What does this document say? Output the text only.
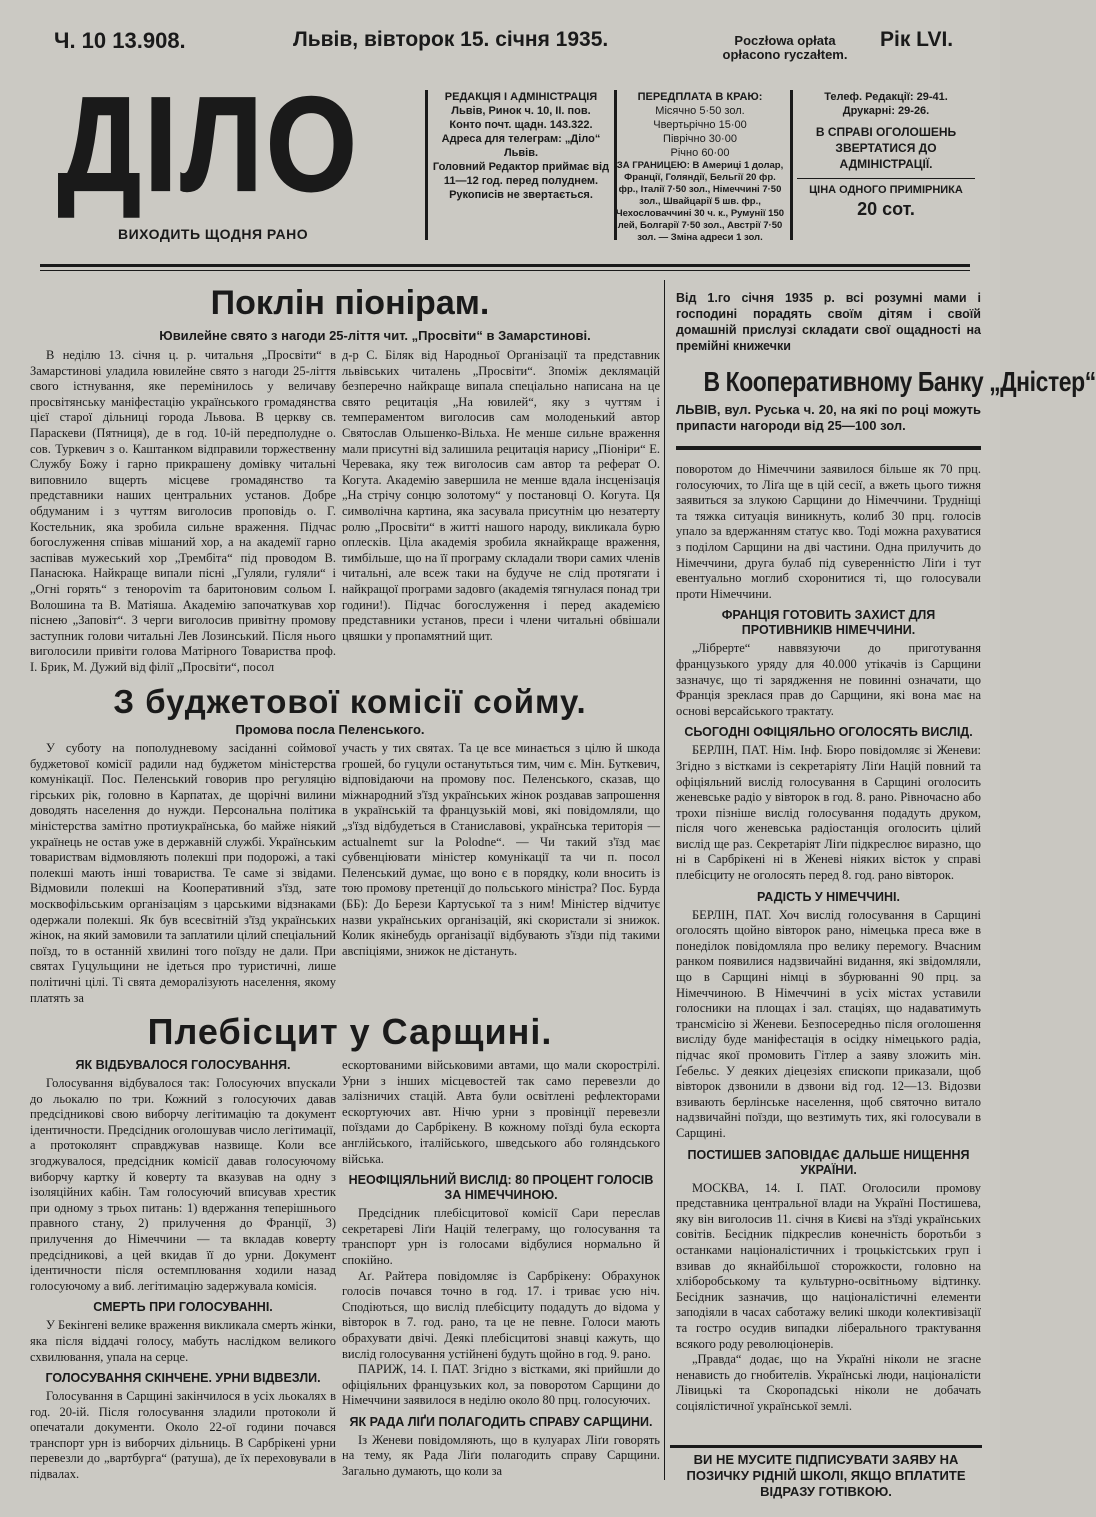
Ч. 10 13.908.	Львів, вівторок 15. січня 1935.	Poczłowa opłata opłacono ryczałtem.
Рік LVI.
ДІЛО
ВИХОДИТЬ ЩОДНЯ РАНО
РЕДАКЦІЯ І АДМІНІСТРАЦІЯ
Львів, Ринок ч. 10, II. пов.
Конто почт. щадн. 143.322.
Адреса для телеграм: „Діло“ Львів.
Головний Редактор приймає від 11—12 год. перед полуднем.
Рукописів не звертається.
ПЕРЕДПЛАТА В КРАЮ:
Місячно 5·50 зол.
Чвертьрічно 15·00
Піврічно 30·00
Річно 60·00
ЗА ГРАНИЦЕЮ: В Америці 1 долар, Франції, Голяндії, Бельгії 20 фр. фр., Італії 7·50 зол., Німеччині 7·50 зол., Швайцарії 5 шв. фр., Чехословаччині 30 ч. к., Румунії 150 лей, Болгарії 7·50 зол., Австрії 7·50 зол. — Зміна адреси 1 зол.
Телеф. Редакції: 29-41.
Друкарні: 29-26.
В СПРАВІ ОГОЛОШЕНЬ ЗВЕРТАТИСЯ ДО АДМІНІСТРАЦІЇ.
ЦІНА ОДНОГО ПРИМІРНИКА
20 сот.
Поклін піонірам.
Ювилейне свято з нагоди 25-ліття чит. „Просвіти“ в Замарстинові.

В неділю 13. січня ц. р. читальня „Просвіти“ в Замарстинові уладила ювилейне свято з нагоди 25-ліття свого істнування, яке перемінилось у величаву просвітянську маніфестацію українського громадянства цієї старої дільниці города Львова. В церкву св. Параскеви (Пятниця), де в год. 10-ій передполудне о. сов. Туркевич з о. Каштанком відправили торжественну Службу Божу і гарно прикрашену домівку читальні виповнило вщерть місцеве громадянство та представники наших центральних установ. Добре обдуманим і з чуттям виголосив проповідь о. Г. Костельник, яка зробила сильне враження. Підчас богослуження співав мішаний хор, а на академії гарно заспівав мужеський хор „Трембіта“ під проводом В. Панасюка. Найкраще випали пісні „Гуляли, гуляли“ і „Огні горять“ з тенорovim та баритоновим сольом І. Волошина та В. Матіяша. Академію започаткував хор піснею „Заповіт“. З черги виголосив привітну промову заступник голови читальні Лев Лозинський. Після нього виголосили привіти голова Матірного Товариства проф. І. Брик, М. Дужий від філії „Просвіти“, посол

д-р С. Біляк від Народньої Організації та представник львівських читалень „Просвіти“. Зпоміж деклямацій безперечно найкраще випала спеціально написана на це свято рецитація „На ювилей“, яку з чуттям і темпераментом виголосив сам молоденький автор Святослав Ольшенко-Вільха. Не менше сильне враження мали присутні від залишила рецитація нарису „Піоніри“ Е. Черевака, яку теж виголосив сам автор та реферат О. Когута. Академію завершила не менше вдала інсценізація „На стрічу сонцю золотому“ у постановці О. Когута. Ця символічна картина, яка засувала присутнім цю незатерту ролю „Просвіти“ в житті нашого народу, викликала бурю оплесків. Ціла академія зробила якнайкраще враження, тимбільше, що на її програму складали твори самих членів читальні, але всеж таки на будуче не слід протягати і найкращої програми задовго (академія тягнулася понад три години!). Підчас богослуження і перед академією представники установ, преси і члени читальні обвішали цвяшки у пропамятний щит.

З буджетової комісії сойму.
Промова посла Пеленського.

У суботу на пополудневому засіданні соймової буджетової комісії радили над буджетом міністерства комунікації. Пос. Пеленський говорив про регуляцію гірських рік, головно в Карпатах, де щорічні вилини доводять населення до нужди. Персональна політика міністерства замітно протиукраїнська, бо майже ніякий українець не остав уже в державній службі. Українським товариствам відмовляють полекші при подорожі, а такі полекші мають інші товариства. Те саме зі звідами. Відмовили полекші на Кооперативний з'їзд, зате москвофільським організаціям з царськими відзнаками одержали полекші. Як був всесвітній з'їзд українських жінок, на який замовили та заплатили цілий спеціальний поїзд, то в останній хвилині того поїзду не дали. При святах Гуцульщини не ідеться про туристичні, лише політичні цілі. Ті свята деморалізують населення, якому платять за

участь у тих святах. Та це все минається з цілю й шкода грошей, бо гуцули останутьться тим, чим є. Мін. Буткевич, відповідаючи на промову пос. Пеленського, сказав, що міжнародний з'їзд українських жінок роздавав запрошення в українській та французькій мові, які повідомляли, що „з'їзд відбудеться в Станиславові, українська територія — actualnemt sur la Polodne“. — Чи такий з'їзд має субвенціювати міністер комунікації та чи п. посол Пеленський думає, що воно є в порядку, коли вносить із тою промову претенції до польського міністра? Пос. Бурда (ББ): До Берези Картуської та з ним! Міністер відчитує назви українських організацій, які скористали зі знижок. Колик якінебудь організації відбувають з'їзди під такими авспіціями, знижок не дістануть.

Плебісцит у Сарщині.
ЯК ВІДБУВАЛОСЯ ГОЛОСУВАННЯ.

Голосування відбувалося так: Голосуючих впускали до льокалю по три. Кожний з голосуючих давав предсідникові свою виборчу легітимацію та документ ідентичности. Предсідник оголошував число легітимації, а протоколянт справджував назвище. Коли все згоджувалося, предсідник комісії давав голосуючому виборчу картку й коверту та вказував на одну з ізоляційних кабін. Там голосуючий вписував хрестик при одному з трьох питань: 1) вдержання теперішнього правного стану, 2) прилучення до Франції, 3) прилучення до Німеччини — та вкладав коверту предсідникові, а цей вкидав її до урни. Документ ідентичности після остемплювання ходили назад голосуючому а виб. легітимацію задержувала комісія.

СМЕРТЬ ПРИ ГОЛОСУВАННІ.

У Бекінгені велике враження викликала смерть жінки, яка після віддачі голосу, мабуть наслідком великого схвилювання, упала на серце.

ГОЛОСУВАННЯ СКІНЧЕНЕ. УРНИ ВІДВЕЗЛИ.

Голосування в Сарщині закінчилося в усіх льокалях в год. 20-ій. Після голосування зладили протоколи й опечатали документи. Около 22-ої години почався транспорт урн із виборчих дільниць. В Сарбрікені урни перевезли до „вартбурга“ (ратуша), де їх переховували в підвалах.

ескортованими військовими автами, що мали скорострілі. Урни з інших місцевостей так само перевезли до залізничих стацій. Авта були освітлені рефлекторами ескортуючих авт. Нічю урни з провінції перевезли поїздами до Сарбрікену. В кожному поїзді була ескорта англійського, італійського, шведського або голяндського війська.

НЕОФІЦІЯЛЬНИЙ ВИСЛІД: 80 ПРОЦЕНТ ГОЛОСІВ ЗА НІМЕЧЧИНОЮ.

Предсідник плебісцитової комісії Сари переслав секретареві Ліґи Націй телеграму, що голосування та транспорт урн із голосами відбулися нормально й спокійно.

Аґ. Райтера повідомляє із Сарбрікену: Обрахунок голосів почався точно в год. 17. і триває усю ніч. Сподіються, що вислід плебісциту подадуть до відома у вівторок в 7. год. рано, та це не певне. Голоси мають обрахувати двічі. Деякі плебісцитові знавці кажуть, що вислід голосування устійнені будуть щойно в год. 9. рано.

ПАРИЖ, 14. І. ПАТ. Згідно з вістками, які прийшли до офіціяльних французьких кол, за поворотом Сарщини до Німеччини заявилося в неділю около 80 прц. голосуючих.

ЯК РАДА ЛІҐИ ПОЛАГОДИТЬ СПРАВУ САРЩИНИ.

Із Женеви повідомляють, що в кулуарах Ліґи говорять на тему, як Рада Ліґи полагодить справу Сарщини. Загально думають, що коли за

Від 1.го січня 1935 р. всі розумні мами і господині порадять своїм дітям і своїй домашній прислузі складати свої ощадності на премійні книжечки
В Кооперативному Банку „Дністер“
ЛЬВІВ, вул. Руська ч. 20, на які по році можуть припасти нагороди від 25—100 зол.

поворотом до Німеччини заявилося більше як 70 прц. голосуючих, то Ліґа ще в цій сесії, а вжеть цього тижня заявиться за злукою Сарщини до Німеччини. Трудніщі та тяжка ситуація виникнуть, колиб 30 прц. голосів упало за вдержанням статус кво. Тоді можна рахуватися з поділом Сарщини на дві частини. Одна прилучить до Німеччини, друга булаб під суверенністю Ліґи і тут евентуально моглиб схоронитися ті, що голосували проти Німеччини.

ФРАНЦІЯ ГОТОВИТЬ ЗАХИСТ ДЛЯ ПРОТИВНИКІВ НІМЕЧЧИНИ.

„Лібрерте“ наввязуючи до приготування французького уряду для 40.000 утікачів із Сарщини зазначує, що ті зарядження не повинні означати, що Франція зреклася прав до Сарщини, які вона має на основі версайського трактату.

СЬОГОДНІ ОФІЦІЯЛЬНО ОГОЛОСЯТЬ ВИСЛІД.

БЕРЛІН, ПАТ. Нім. Інф. Бюро повідомляє зі Женеви: Згідно з вістками із секретаріяту Ліґи Націй повний та офіціяльний вислід голосування в Сарщині оголосить женевське радіо у вівторок в год. 8. рано. Рівночасно або трохи пізніше вислід голосування подадуть друком, після чого женевська радіостанція оголосить цілий вислід ще раз. Секретаріят Ліґи підкреслює виразно, що ні в Сарбрікені ні в Женеві ніяких вісток у справі плебісциту не оголосять перед 8. год. рано вівторок.

РАДІСТЬ У НІМЕЧЧИНІ.

БЕРЛІН, ПАТ. Хоч вислід голосування в Сарщині оголосять щойно вівторок рано, німецька преса вже в понеділок повідомляла про велику перемогу. Вчасним ранком появилися надзвичайні видання, які звідомляли, що в Сарщині німці в збурюванні 90 прц. за Німеччиною. В Німеччині в усіх містах уставили голосники на площах і зал. стаціях, що надаватимуть трансмісію зі Женеви. Безпосередньо після оголошення висліду буде маніфестація в осідку німецького радіа, підчас якої промовить Гітлер а заяву зложить мін. Ґебельс. У деяких діецезіях єпископи приказали, щоб вівторок дзвонили в дзвони від год. 12—13. Відозви взивають берлінське населення, щоб святочно витало надзвичайні поїзди, що везтимуть тих, які голосували в Сарщині.

ПОСТИШЕВ ЗАПОВІДАЄ ДАЛЬШЕ НИЩЕННЯ УКРАЇНИ.

МОСКВА, 14. І. ПАТ. Оголосили промову представника центральної влади на Україні Постишева, яку він виголосив 11. січня в Києві на з'їзді українських совітів. Бесідник підкреслив конечність боротьби з останками націоналістичних і троцькістських груп і взивав до якнайбільшої сторожкости, головно на хліборобському та культурно-освітньому відтинку. Бесідник зазначив, що націоналістичні елементи заподіяли в часах саботажу великі шкоди колективізації та гостро осудив випадки ліберального трактування всякого роду революціонерів.

„Правда“ додає, що на Україні ніколи не згасне ненависть до гнобителів. Українські люди, націоналісти Лівицькі та Скоропадські ніколи не добачать соціялістичної української землі.

ВИ НЕ МУСИТЕ ПІДПИСУВАТИ ЗАЯВУ НА ПОЗИЧКУ РІДНІЙ ШКОЛІ, ЯКЩО ВПЛАТИТЕ ВІДРАЗУ ГОТІВКОЮ.
